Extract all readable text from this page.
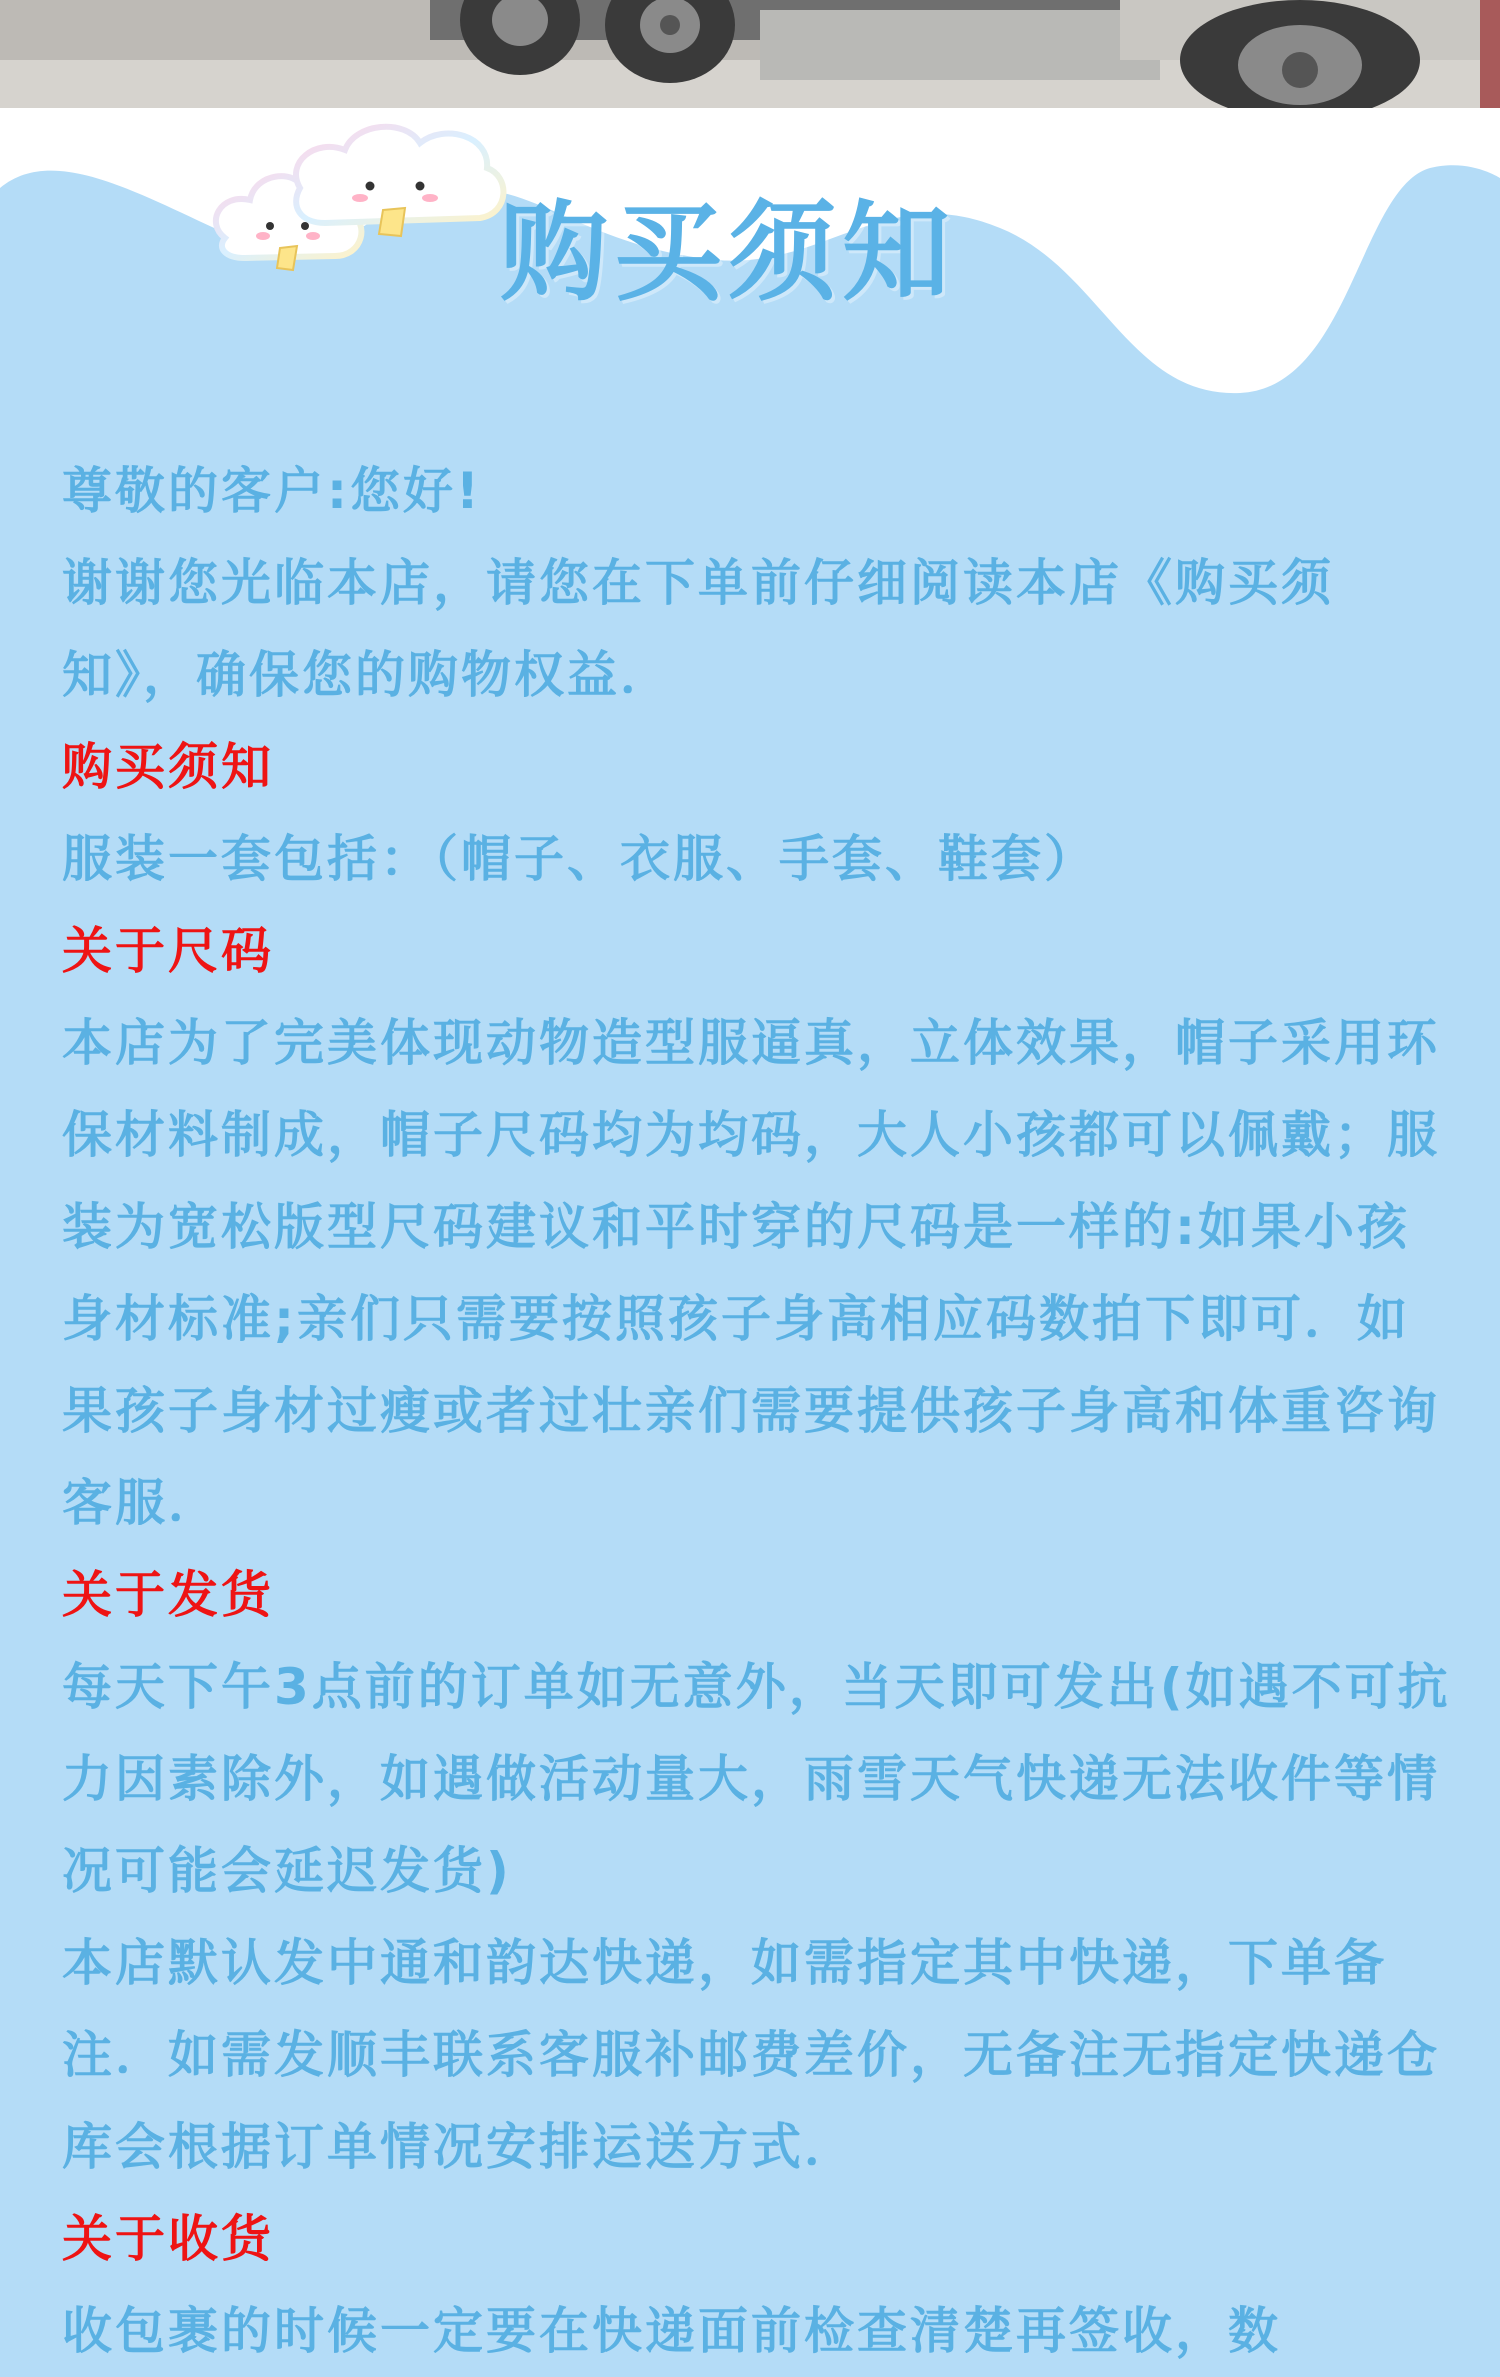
购买须知

尊敬的客户:您好!

谢谢您光临本店，请您在下单前仔细阅读本店《购买须知》，确保您的购物权益．

购买须知

服装一套包括：（帽子、衣服、手套、鞋套）

关于尺码

本店为了完美体现动物造型服逼真，立体效果，帽子采用环保材料制成，帽子尺码均为均码，大人小孩都可以佩戴；服装为宽松版型尺码建议和平时穿的尺码是一样的:如果小孩身材标准;亲们只需要按照孩子身高相应码数拍下即可．如果孩子身材过瘦或者过壮亲们需要提供孩子身高和体重咨询客服．

关于发货

每天下午3点前的订单如无意外，当天即可发出(如遇不可抗力因素除外，如遇做活动量大，雨雪天气快递无法收件等情况可能会延迟发货)

本店默认发中通和韵达快递，如需指定其中快递，下单备注．如需发顺丰联系客服补邮费差价，无备注无指定快递仓库会根据订单情况安排运送方式．

关于收货

收包裹的时候一定要在快递面前检查清楚再签收，数
